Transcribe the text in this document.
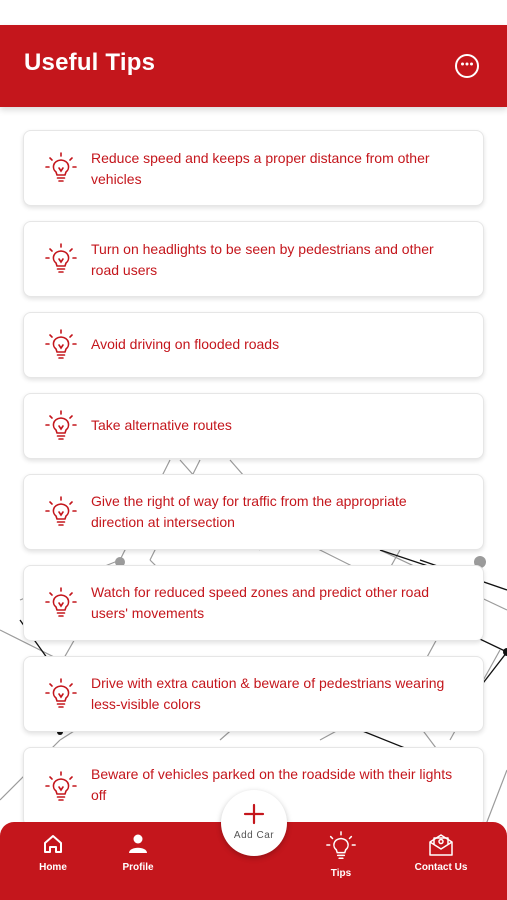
Useful Tips
Reduce speed and keeps a proper distance from other vehicles
Turn on headlights to be seen by pedestrians and other road users
Avoid driving on flooded roads
Take alternative routes
Give the right of way for traffic from the appropriate direction at intersection
Watch for reduced speed zones and predict other road users' movements
Drive with extra caution & beware of pedestrians wearing less-visible colors
Beware of vehicles parked on the roadside with their lights off
Home	Profile
Tips
Contact Us
Add Car
